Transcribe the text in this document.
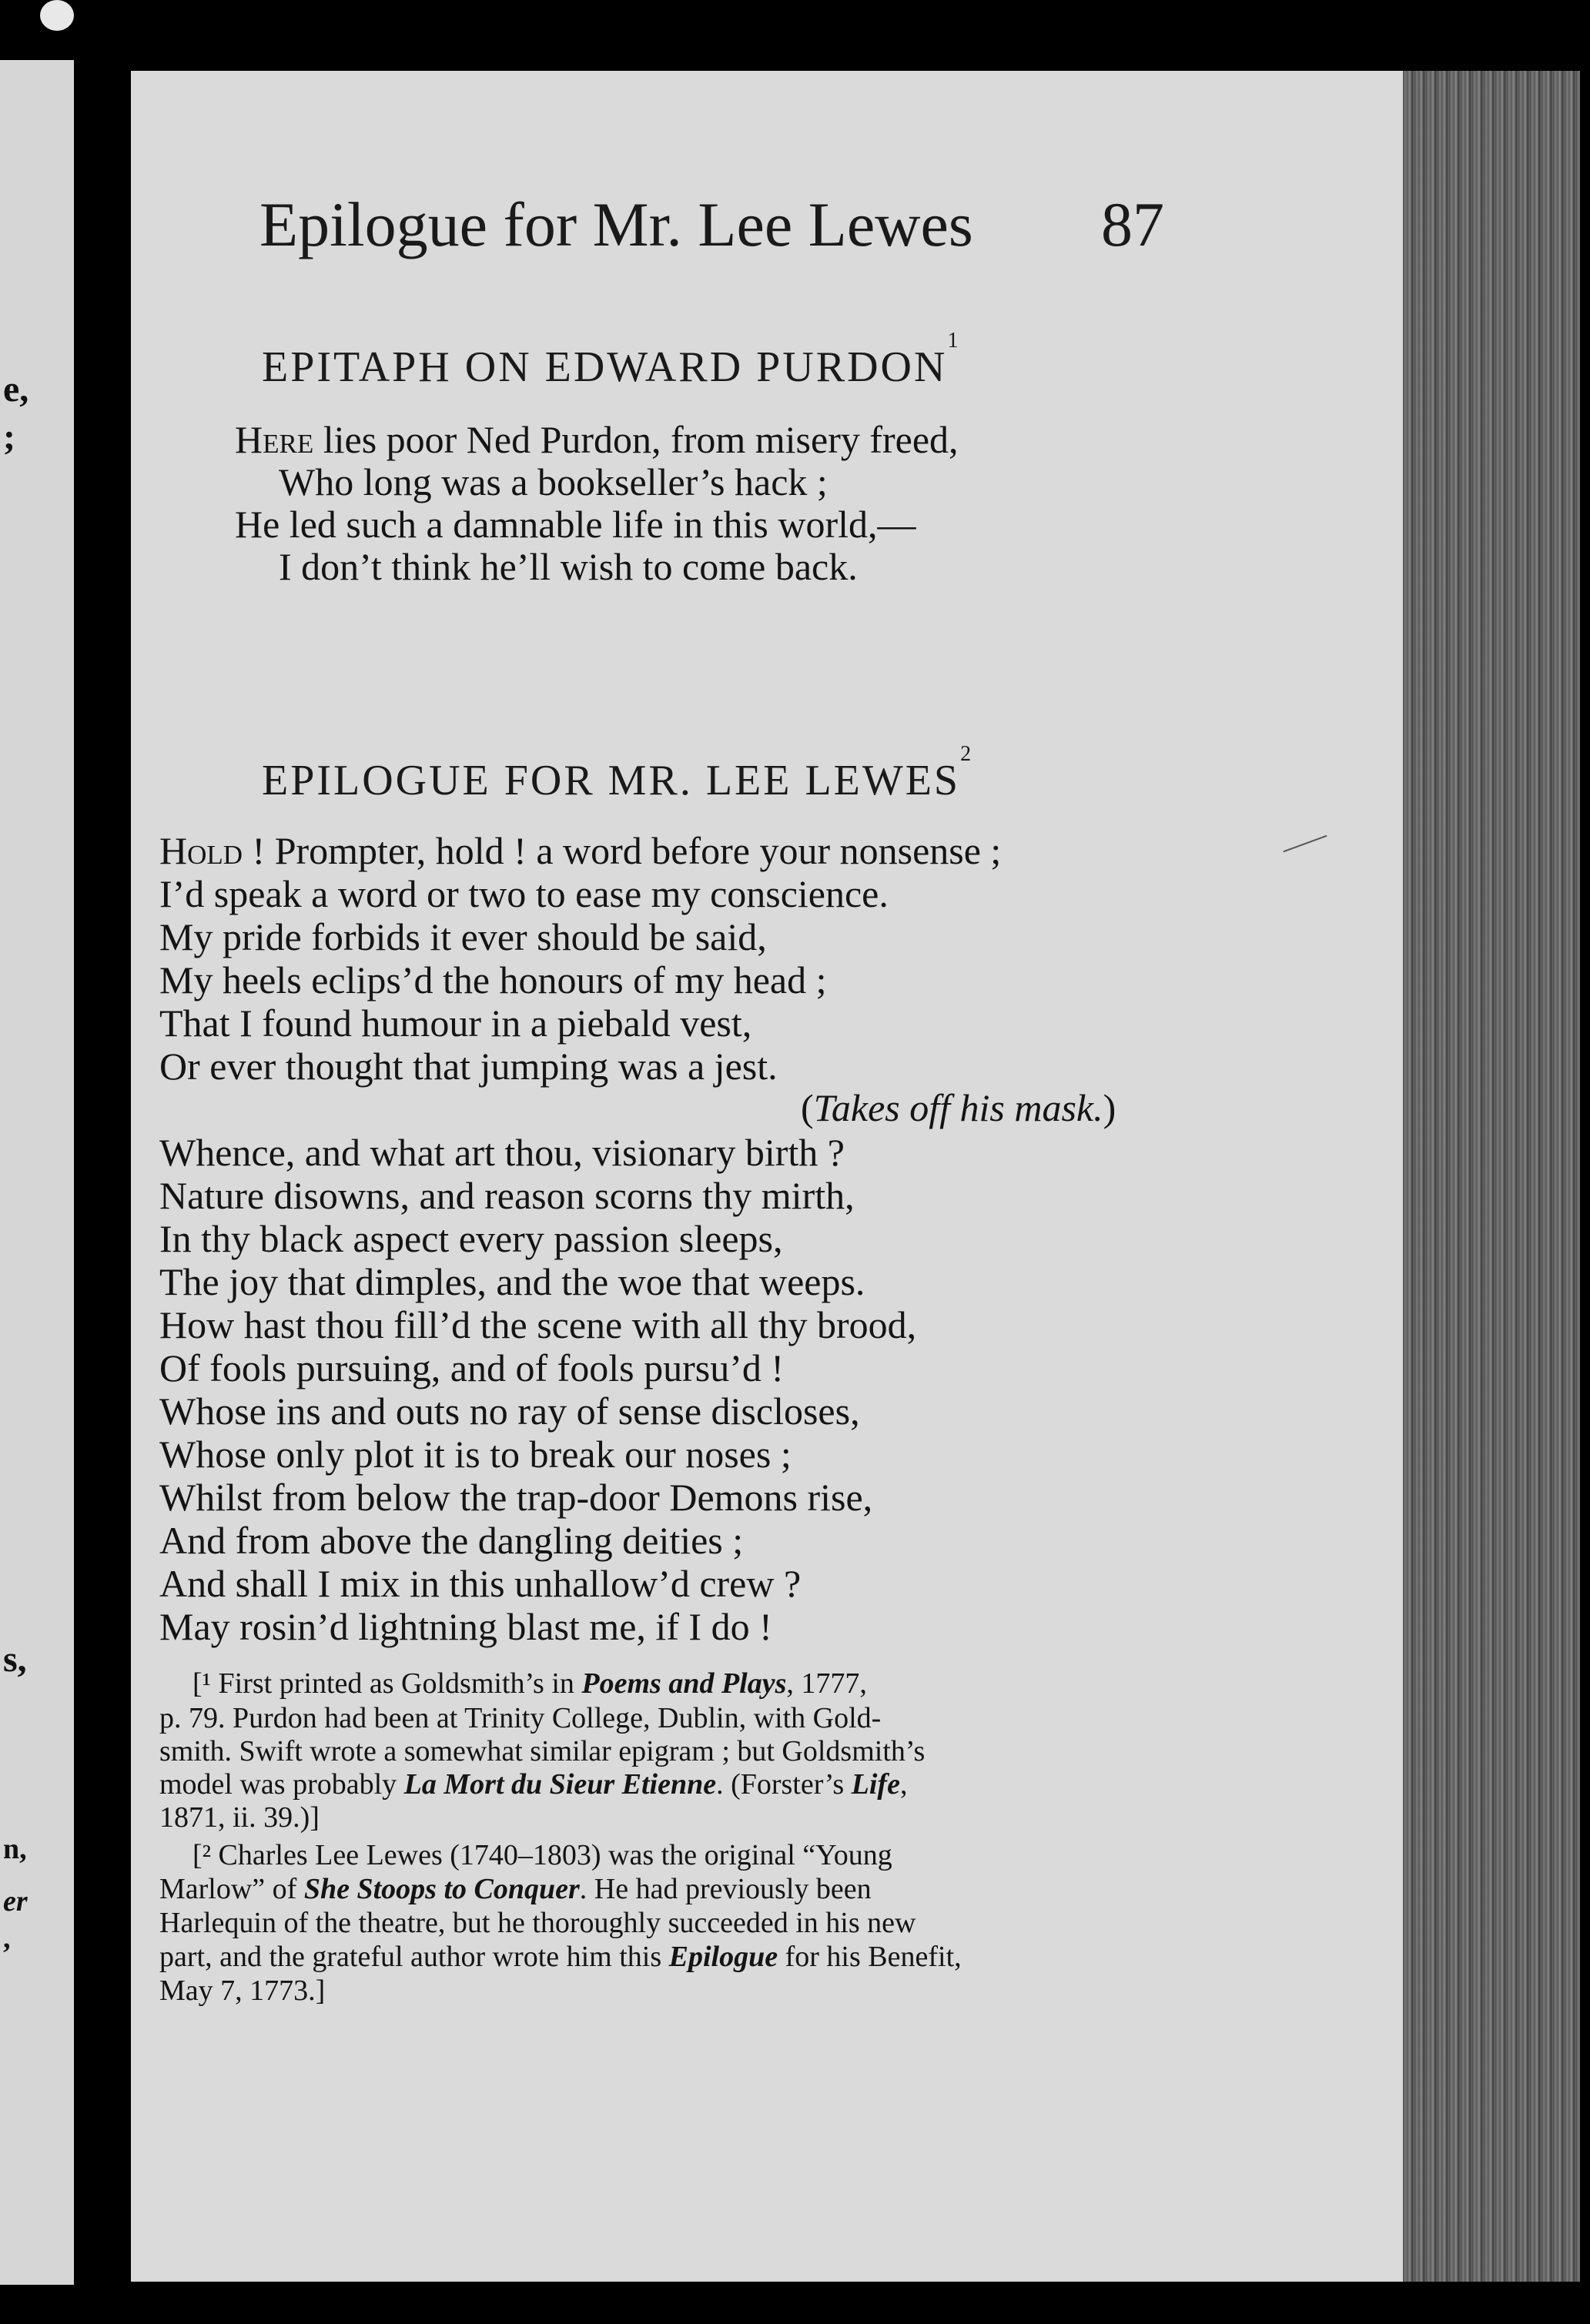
e,
;
s,
n,
er
,
Epilogue for Mr. Lee Lewes 87
EPITAPH ON EDWARD PURDON$^1$
Here lies poor Ned Purdon, from misery freed,
Who long was a bookseller’s hack ;
He led such a damnable life in this world,—
I don’t think he’ll wish to come back.
EPILOGUE FOR MR. LEE LEWES$^2$
Hold ! Prompter, hold ! a word before your nonsense ;
I’d speak a word or two to ease my conscience.
My pride forbids it ever should be said,
My heels eclips’d the honours of my head ;
That I found humour in a piebald vest,
Or ever thought that jumping was a jest.
(Takes off his mask.)
Whence, and what art thou, visionary birth ?
Nature disowns, and reason scorns thy mirth,
In thy black aspect every passion sleeps,
The joy that dimples, and the woe that weeps.
How hast thou fill’d the scene with all thy brood,
Of fools pursuing, and of fools pursu’d !
Whose ins and outs no ray of sense discloses,
Whose only plot it is to break our noses ;
Whilst from below the trap-door Demons rise,
And from above the dangling deities ;
And shall I mix in this unhallow’d crew ?
May rosin’d lightning blast me, if I do !
[¹ First printed as Goldsmith’s in Poems and Plays, 1777,
p. 79. Purdon had been at Trinity College, Dublin, with Gold-
smith. Swift wrote a somewhat similar epigram ; but Goldsmith’s
model was probably La Mort du Sieur Etienne. (Forster’s Life,
1871, ii. 39.)]
[² Charles Lee Lewes (1740–1803) was the original “Young
Marlow” of She Stoops to Conquer. He had previously been
Harlequin of the theatre, but he thoroughly succeeded in his new
part, and the grateful author wrote him this Epilogue for his Benefit,
May 7, 1773.]
